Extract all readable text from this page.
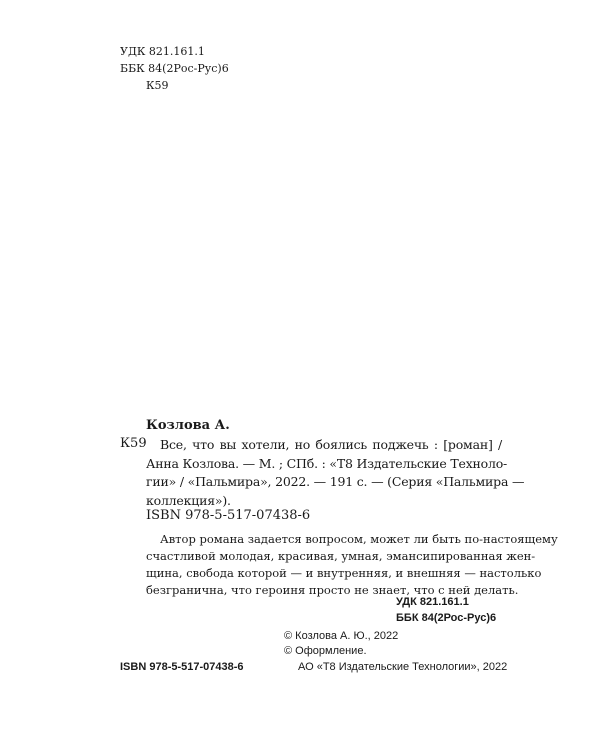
УДК 821.161.1
ББК 84(2Рос-Рус)6
К59
Козлова А.
К59 Все, что вы хотели, но боялись поджечь : [роман] /
Анна Козлова. — М. ; СПб. : «Т8 Издательские Техноло-
гии» / «Пальмира», 2022. — 191 с. — (Серия «Пальмира —
коллекция»).
ISBN 978-5-517-07438-6
Автор романа задается вопросом, может ли быть по-настоящему
счастливой молодая, красивая, умная, эмансипированная жен-
щина, свобода которой — и внутренняя, и внешняя — настолько
безгранична, что героиня просто не знает, что с ней делать.
УДК 821.161.1
ББК 84(2Рос-Рус)6
© Козлова А. Ю., 2022
© Оформление.
ISBN 978-5-517-07438-6	АО «Т8 Издательские Технологии», 2022
